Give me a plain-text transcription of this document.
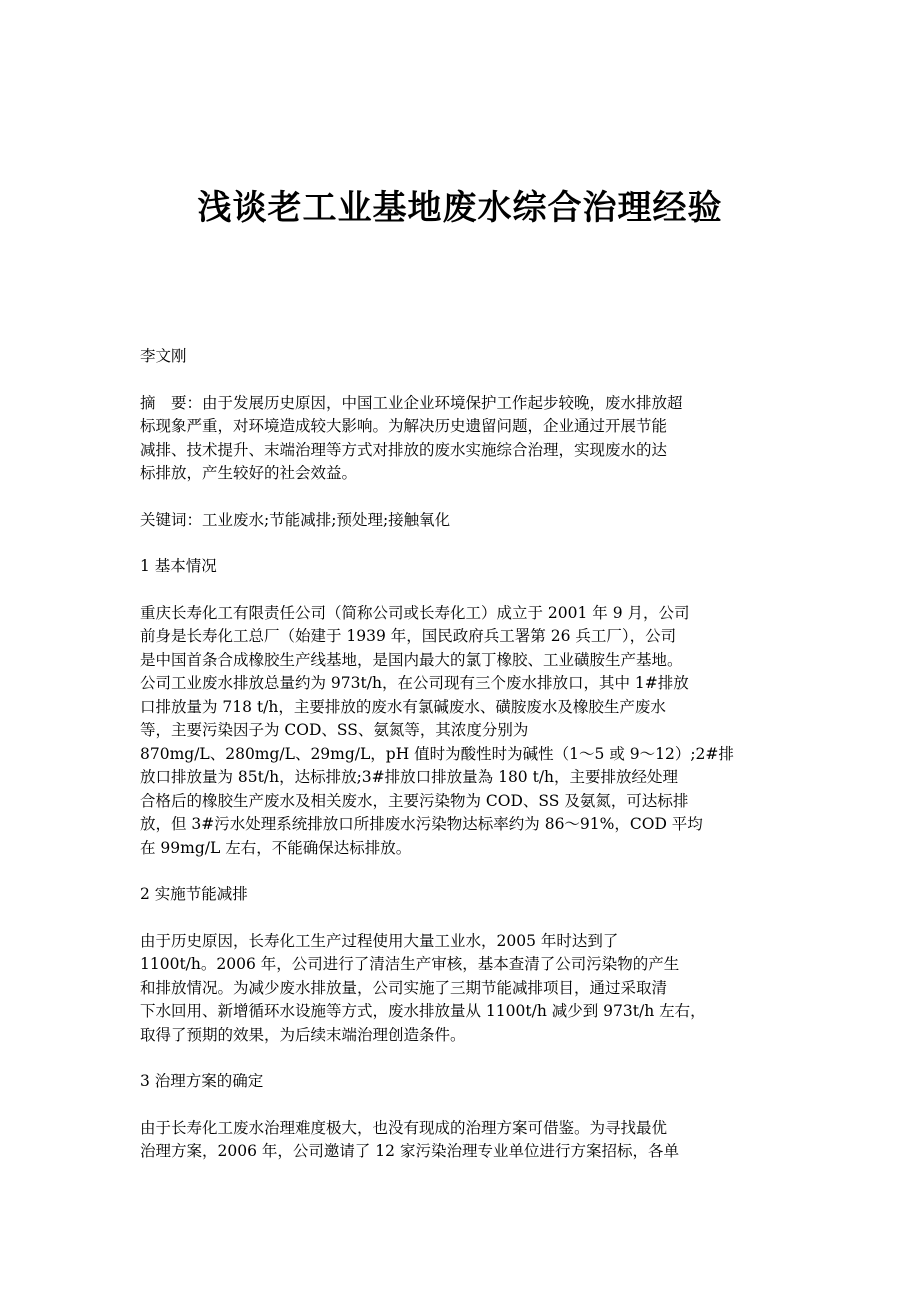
浅谈老工业基地废水综合治理经验

李文刚

摘　要：由于发展历史原因，中国工业企业环境保护工作起步较晚，废水排放超
标现象严重，对环境造成较大影响。为解决历史遗留问题，企业通过开展节能
减排、技术提升、末端治理等方式对排放的废水实施综合治理，实现废水的达
标排放，产生较好的社会效益。

关键词：工业废水;节能减排;预处理;接触氧化

1 基本情况

重庆长寿化工有限责任公司（简称公司或长寿化工）成立于 2001 年 9 月，公司
前身是长寿化工总厂（始建于 1939 年，国民政府兵工署第 26 兵工厂），公司
是中国首条合成橡胶生产线基地，是国内最大的氯丁橡胶、工业磺胺生产基地。
公司工业废水排放总量约为 973t/h，在公司现有三个废水排放口，其中 1#排放
口排放量为 718 t/h，主要排放的废水有氯碱废水、磺胺废水及橡胶生产废水
等，主要污染因子为 COD、SS、氨氮等，其浓度分别为
870mg/L、280mg/L、29mg/L，pH 值时为酸性时为碱性（1～5 或 9～12）;2#排
放口排放量为 85t/h，达标排放;3#排放口排放量為 180 t/h，主要排放经处理
合格后的橡胶生产废水及相关废水，主要污染物为 COD、SS 及氨氮，可达标排
放，但 3#污水处理系统排放口所排废水污染物达标率约为 86～91%，COD 平均
在 99mg/L 左右，不能确保达标排放。

2 实施节能减排

由于历史原因，长寿化工生产过程使用大量工业水，2005 年时达到了
1100t/h。2006 年，公司进行了清洁生产审核，基本查清了公司污染物的产生
和排放情况。为减少废水排放量，公司实施了三期节能减排项目，通过采取清
下水回用、新增循环水设施等方式，废水排放量从 1100t/h 减少到 973t/h 左右，
取得了预期的效果，为后续末端治理创造条件。

3 治理方案的确定

由于长寿化工废水治理难度极大，也没有现成的治理方案可借鉴。为寻找最优
治理方案，2006 年，公司邀请了 12 家污染治理专业单位进行方案招标，各单
